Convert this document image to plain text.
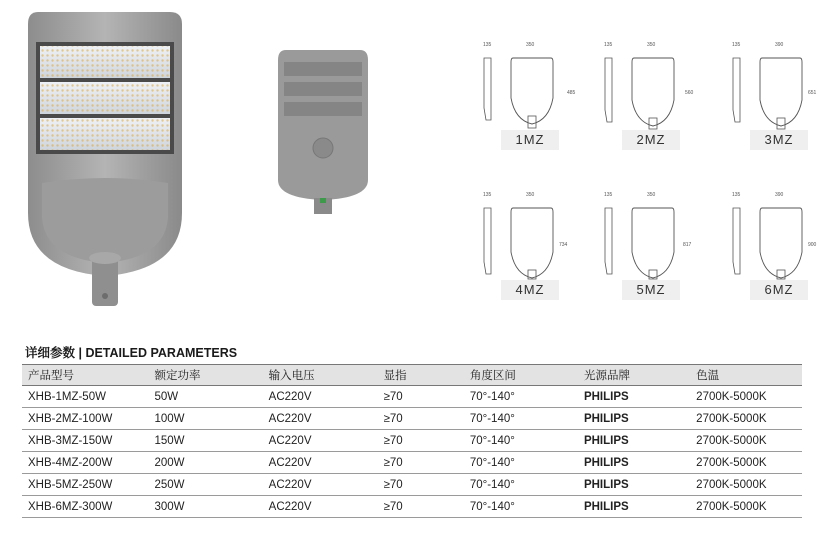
135	350
485
1MZ
135	350
560
2MZ
135	390
651
3MZ
135	350
734
4MZ
135	350
817
5MZ
135	390
900
6MZ
详细参数 | DETAILED PARAMETERS
产品型号	额定功率	输入电压	显指	角度区间	光源品牌	色温
XHB-1MZ-50W	50W	AC220V	≥70	70°-140°	PHILIPS	2700K-5000K
XHB-2MZ-100W	100W	AC220V	≥70	70°-140°	PHILIPS	2700K-5000K
XHB-3MZ-150W	150W	AC220V	≥70	70°-140°	PHILIPS	2700K-5000K
XHB-4MZ-200W	200W	AC220V	≥70	70°-140°	PHILIPS	2700K-5000K
XHB-5MZ-250W	250W	AC220V	≥70	70°-140°	PHILIPS	2700K-5000K
XHB-6MZ-300W	300W	AC220V	≥70	70°-140°	PHILIPS	2700K-5000K
